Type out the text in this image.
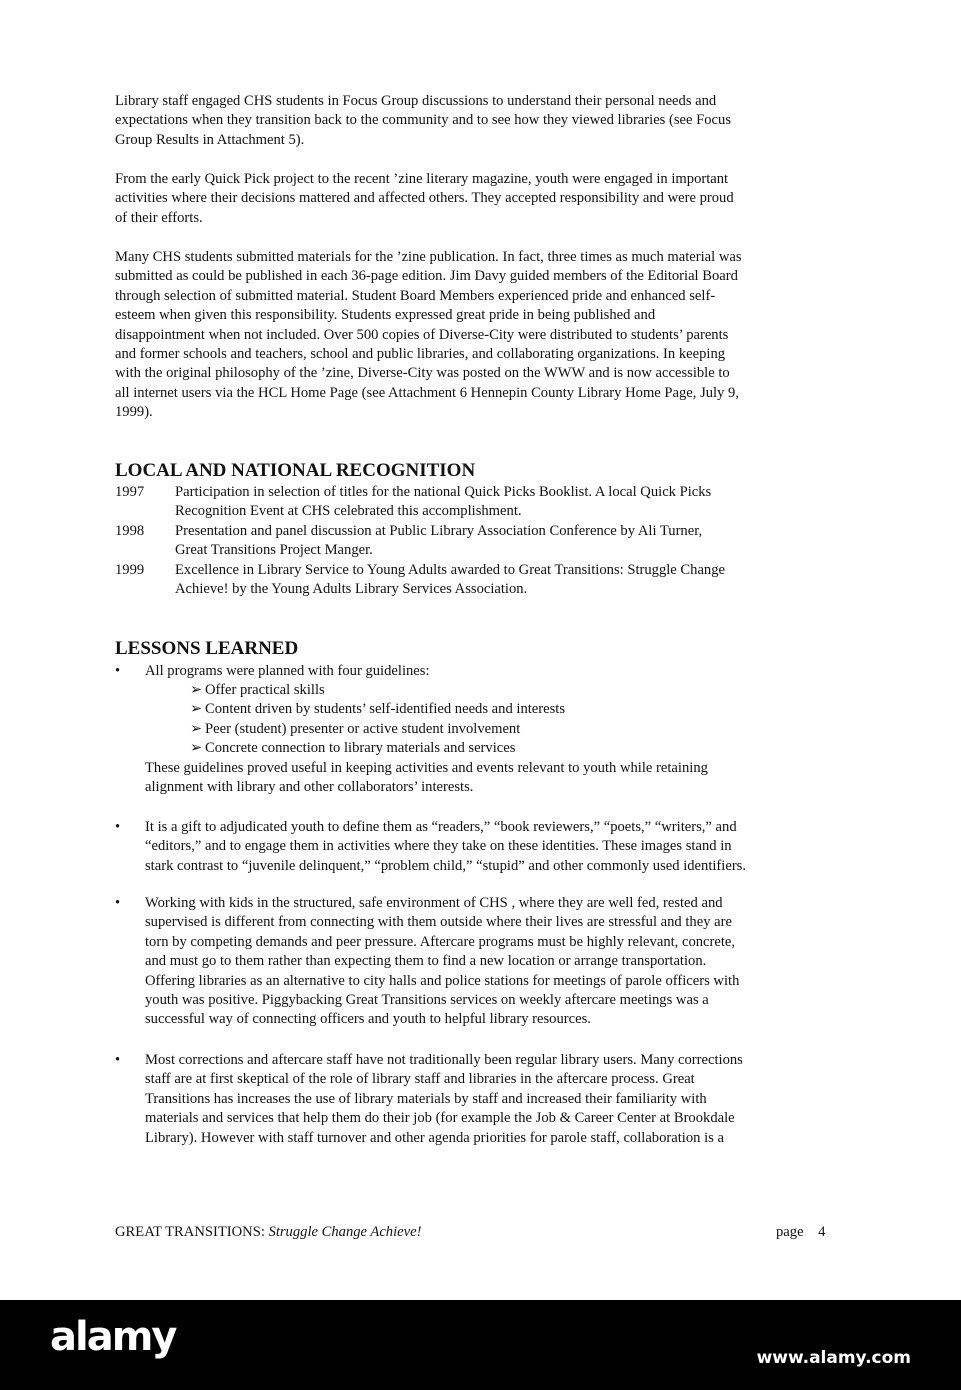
Library staff engaged CHS students in Focus Group discussions to understand their personal needs and
expectations when they transition back to the community and to see how they viewed libraries (see Focus
Group Results in Attachment 5).
From the early Quick Pick project to the recent ’zine literary magazine, youth were engaged in important
activities where their decisions mattered and affected others. They accepted responsibility and were proud
of their efforts.
Many CHS students submitted materials for the ’zine publication. In fact, three times as much material was
submitted as could be published in each 36-page edition. Jim Davy guided members of the Editorial Board
through selection of submitted material. Student Board Members experienced pride and enhanced self-
esteem when given this responsibility. Students expressed great pride in being published and
disappointment when not included. Over 500 copies of Diverse-City were distributed to students’ parents
and former schools and teachers, school and public libraries, and collaborating organizations. In keeping
with the original philosophy of the ’zine, Diverse-City was posted on the WWW and is now accessible to
all internet users via the HCL Home Page (see Attachment 6 Hennepin County Library Home Page, July 9,
1999).
LOCAL AND NATIONAL RECOGNITION
1997 Participation in selection of titles for the national Quick Picks Booklist. A local Quick Picks
Recognition Event at CHS celebrated this accomplishment.
1998 Presentation and panel discussion at Public Library Association Conference by Ali Turner,
Great Transitions Project Manger.
1999 Excellence in Library Service to Young Adults awarded to Great Transitions: Struggle Change
Achieve! by the Young Adults Library Services Association.
LESSONS LEARNED
• All programs were planned with four guidelines:
➢ Offer practical skills
➢ Content driven by students’ self-identified needs and interests
➢ Peer (student) presenter or active student involvement
➢ Concrete connection to library materials and services
These guidelines proved useful in keeping activities and events relevant to youth while retaining
alignment with library and other collaborators’ interests.
• It is a gift to adjudicated youth to define them as “readers,” “book reviewers,” “poets,” “writers,” and
“editors,” and to engage them in activities where they take on these identities. These images stand in
stark contrast to “juvenile delinquent,” “problem child,” “stupid” and other commonly used identifiers.
• Working with kids in the structured, safe environment of CHS , where they are well fed, rested and
supervised is different from connecting with them outside where their lives are stressful and they are
torn by competing demands and peer pressure. Aftercare programs must be highly relevant, concrete,
and must go to them rather than expecting them to find a new location or arrange transportation.
Offering libraries as an alternative to city halls and police stations for meetings of parole officers with
youth was positive. Piggybacking Great Transitions services on weekly aftercare meetings was a
successful way of connecting officers and youth to helpful library resources.
• Most corrections and aftercare staff have not traditionally been regular library users. Many corrections
staff are at first skeptical of the role of library staff and libraries in the aftercare process. Great
Transitions has increases the use of library materials by staff and increased their familiarity with
materials and services that help them do their job (for example the Job & Career Center at Brookdale
Library). However with staff turnover and other agenda priorities for parole staff, collaboration is a
GREAT TRANSITIONS: Struggle Change Achieve!	page 4
alamy	www.alamy.com
